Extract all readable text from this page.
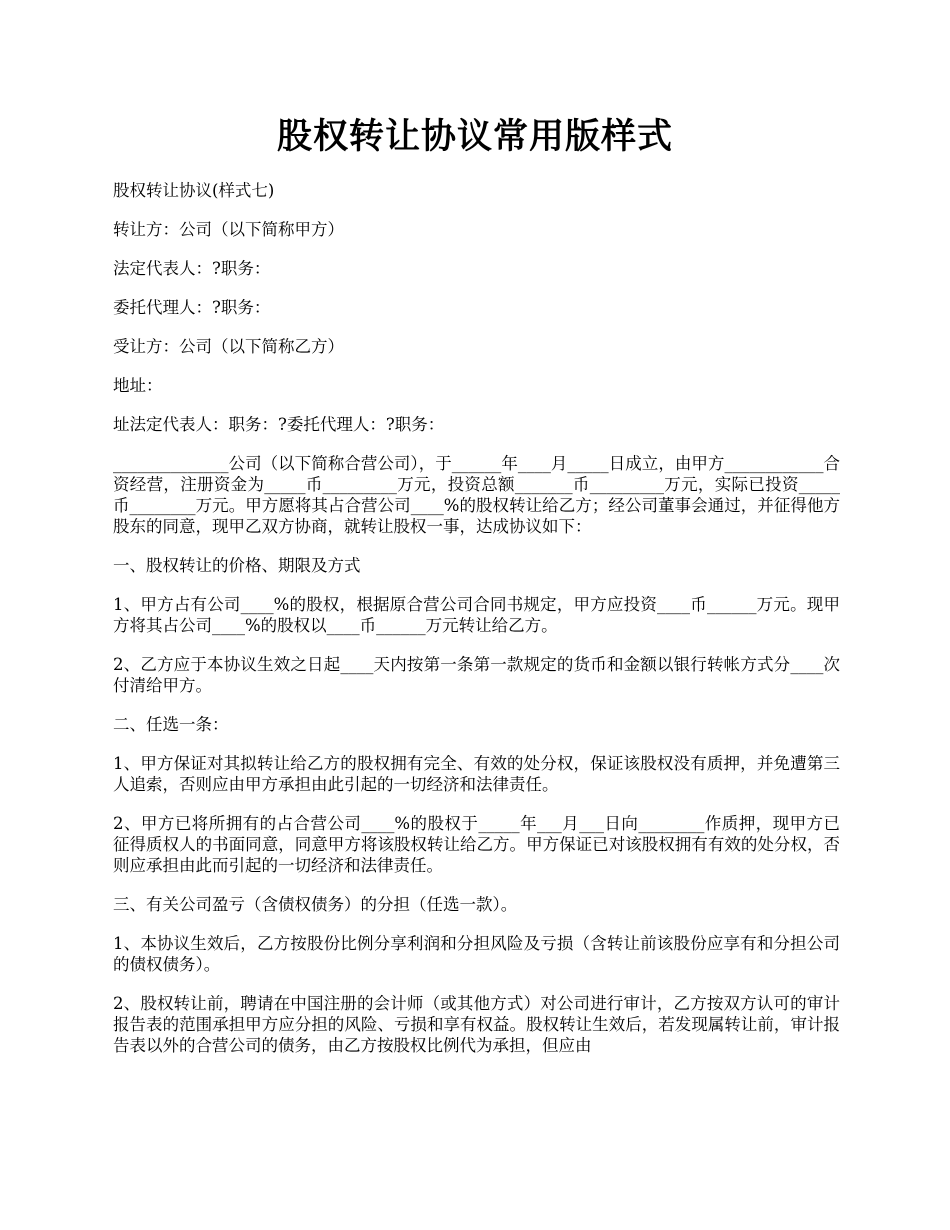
股权转让协议常用版样式

股权转让协议(样式七)

转让方：公司（以下简称甲方）

法定代表人：?职务：

委托代理人：?职务：

受让方：公司（以下简称乙方）

地址：

址法定代表人：职务：?委托代理人：?职务：

______________公司（以下简称合营公司），于______年____月_____日成立，由甲方____________合资经营，注册资金为_____币_________万元，投资总额_______币_________万元，实际已投资_____币________万元。甲方愿将其占合营公司____%的股权转让给乙方；经公司董事会通过，并征得他方股东的同意，现甲乙双方协商，就转让股权一事，达成协议如下：

一、股权转让的价格、期限及方式

1、甲方占有公司____%的股权，根据原合营公司合同书规定，甲方应投资____币______万元。现甲方将其占公司____%的股权以____币______万元转让给乙方。

2、乙方应于本协议生效之日起____天内按第一条第一款规定的货币和金额以银行转帐方式分____次付清给甲方。

二、任选一条：

1、甲方保证对其拟转让给乙方的股权拥有完全、有效的处分权，保证该股权没有质押，并免遭第三人追索，否则应由甲方承担由此引起的一切经济和法律责任。

2、甲方已将所拥有的占合营公司____%的股权于_____年___月___日向________作质押，现甲方已征得质权人的书面同意，同意甲方将该股权转让给乙方。甲方保证已对该股权拥有有效的处分权，否则应承担由此而引起的一切经济和法律责任。

三、有关公司盈亏（含债权债务）的分担（任选一款）。

1、本协议生效后，乙方按股份比例分享利润和分担风险及亏损（含转让前该股份应享有和分担公司的债权债务）。

2、股权转让前，聘请在中国注册的会计师（或其他方式）对公司进行审计，乙方按双方认可的审计报告表的范围承担甲方应分担的风险、亏损和享有权益。股权转让生效后，若发现属转让前，审计报告表以外的合营公司的债务，由乙方按股权比例代为承担，但应由
